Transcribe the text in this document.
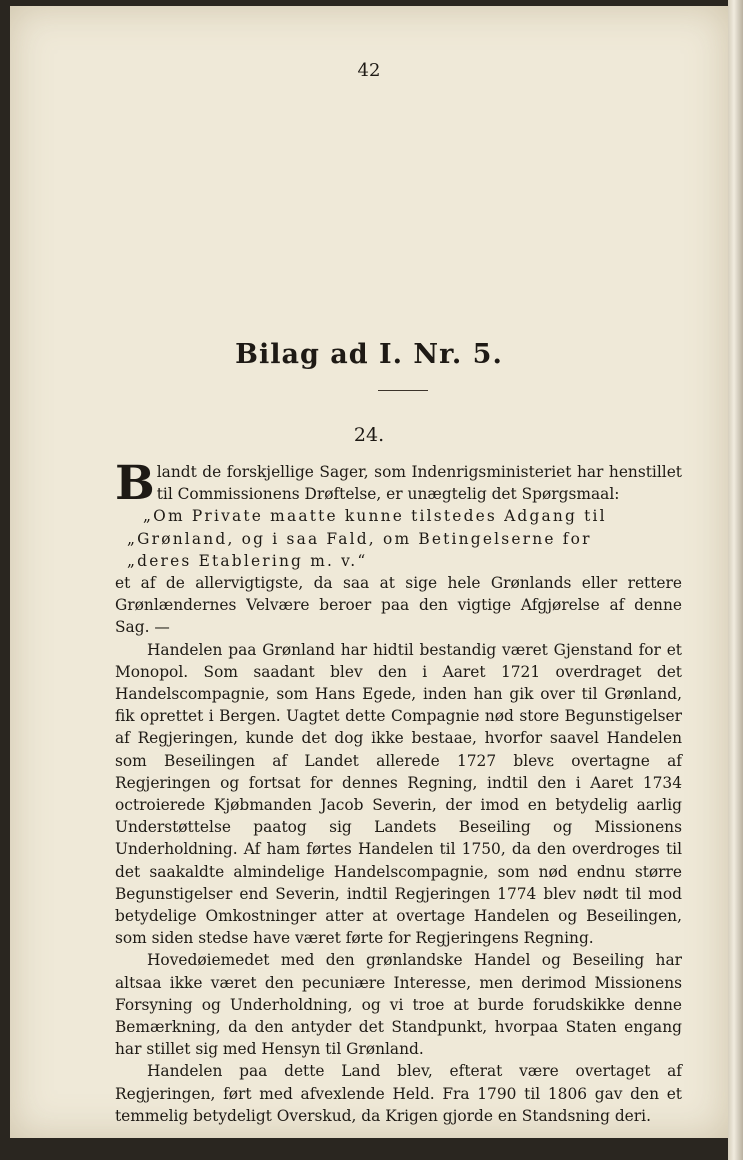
42
Bilag ad I. Nr. 5.
24.

B landt de forskjellige Sager, som Indenrigsministeriet har henstillet til Commissionens Drøftelse, er unægtelig det Spørgsmaal:

„Om Private maatte kunne tilstedes Adgang til

„Grønland, og i saa Fald, om Betingelserne for

„deres Etablering m. v.“

et af de allervigtigste, da saa at sige hele Grønlands eller rettere Grønlændernes Velvære beroer paa den vigtige Afgjørelse af denne Sag. —

Handelen paa Grønland har hidtil bestandig været Gjenstand for et Monopol. Som saadant blev den i Aaret 1721 overdraget det Handelscompagnie, som Hans Egede, inden han gik over til Grønland, fik oprettet i Bergen. Uagtet dette Compagnie nød store Begunstigelser af Regjeringen, kunde det dog ikke bestaae, hvorfor saavel Handelen som Beseilingen af Landet allerede 1727 blevε overtagne af Regjeringen og fortsat for dennes Regning, indtil den i Aaret 1734 octroierede Kjøbmanden Jacob Severin, der imod en betydelig aarlig Understøttelse paatog sig Landets Beseiling og Missionens Underholdning. Af ham førtes Handelen til 1750, da den overdroges til det saakaldte almindelige Handelscompagnie, som nød endnu større Begunstigelser end Severin, indtil Regjeringen 1774 blev nødt til mod betydelige Omkostninger atter at overtage Handelen og Beseilingen, som siden stedse have været førte for Regjeringens Regning.

Hovedøiemedet med den grønlandske Handel og Beseiling har altsaa ikke været den pecuniære Interesse, men derimod Missionens Forsyning og Underholdning, og vi troe at burde forudskikke denne Bemærkning, da den antyder det Standpunkt, hvorpaa Staten engang har stillet sig med Hensyn til Grønland.

Handelen paa dette Land blev, efterat være overtaget af Regjeringen, ført med afvexlende Held. Fra 1790 til 1806 gav den et temmelig betydeligt Overskud, da Krigen gjorde en Standsning deri.
